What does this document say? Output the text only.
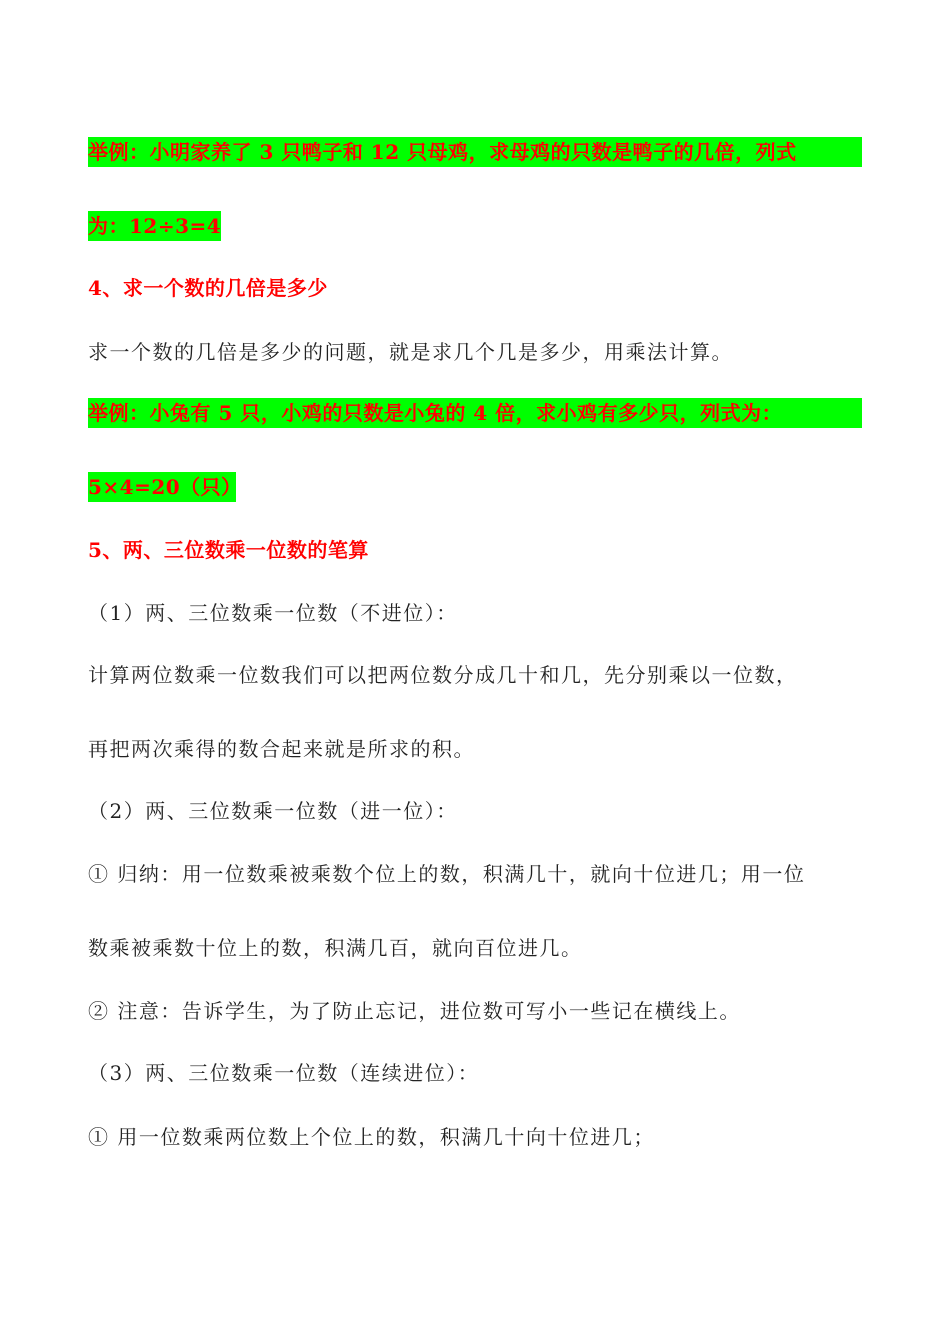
举例：小明家养了 3 只鸭子和 12 只母鸡，求母鸡的只数是鸭子的几倍，列式
为：12÷3=4
4、求一个数的几倍是多少
求一个数的几倍是多少的问题，就是求几个几是多少，用乘法计算。
举例：小兔有 5 只，小鸡的只数是小兔的 4 倍，求小鸡有多少只，列式为：
5×4=20（只）
5、两、三位数乘一位数的笔算
（1）两、三位数乘一位数（不进位）：
计算两位数乘一位数我们可以把两位数分成几十和几，先分别乘以一位数，
再把两次乘得的数合起来就是所求的积。
（2）两、三位数乘一位数（进一位）：
① 归纳：用一位数乘被乘数个位上的数，积满几十，就向十位进几；用一位
数乘被乘数十位上的数，积满几百，就向百位进几。
② 注意：告诉学生，为了防止忘记，进位数可写小一些记在横线上。
（3）两、三位数乘一位数（连续进位）：
① 用一位数乘两位数上个位上的数，积满几十向十位进几；
